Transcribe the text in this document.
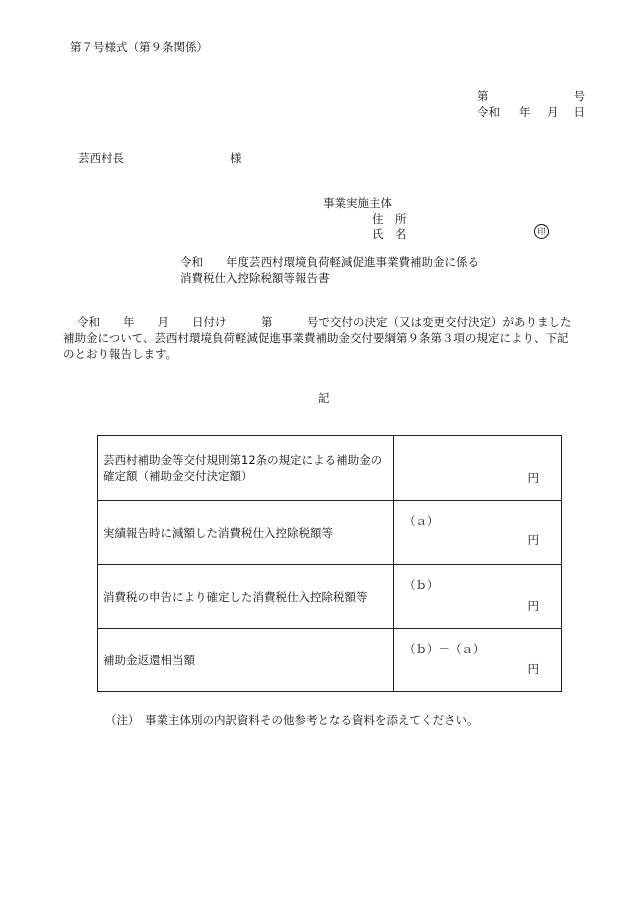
第７号様式（第９条関係）
第	号
令和 年 月 日
芸西村長	様
事業実施主体
住　所
氏　名	印
令和　　年度芸西村環境負荷軽減促進事業費補助金に係る
消費税仕入控除税額等報告書
令和　　年　　月　　日付け　　　第　　　号で交付の決定（又は変更交付決定）がありました
補助金について、芸西村環境負荷軽減促進事業費補助金交付要綱第９条第３項の規定により、下記
のとおり報告します。
記
芸西村補助金等交付規則第12条の規定による補助金の確定額（補助金交付決定額）	円

実績報告時に減額した消費税仕入控除税額等	（ａ）
円

消費税の申告により確定した消費税仕入控除税額等	（ｂ）
円

補助金返還相当額	（ｂ）－（ａ）
円
（注） 事業主体別の内訳資料その他参考となる資料を添えてください。
